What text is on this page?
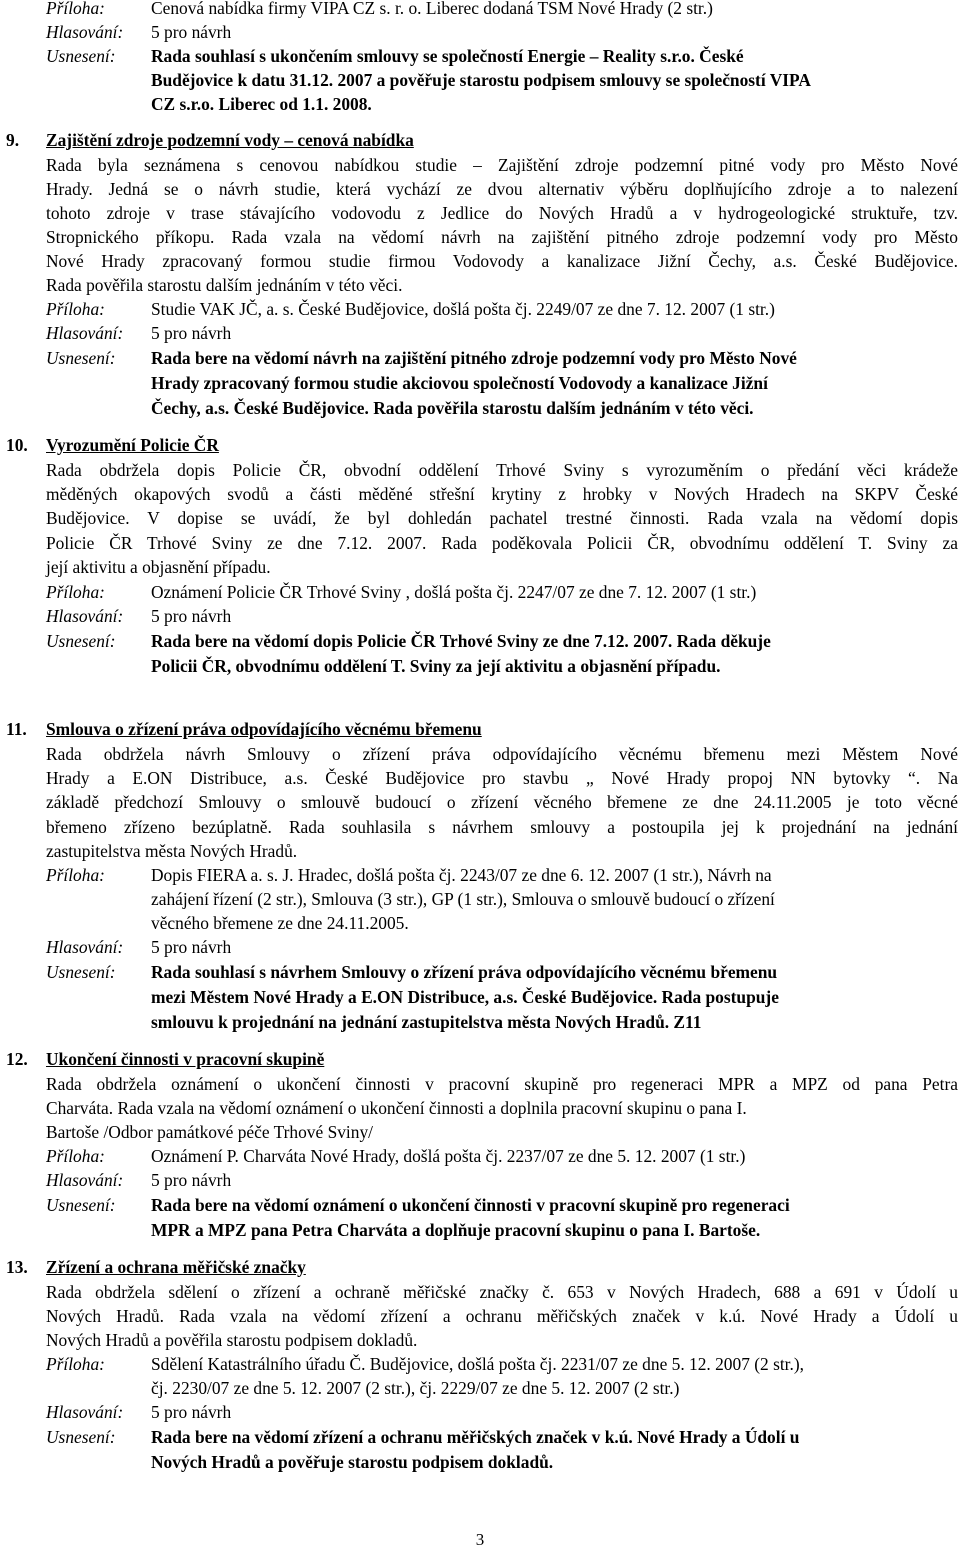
Příloha:	Cenová nabídka firmy VIPA CZ s. r. o. Liberec dodaná TSM Nové Hrady (2 str.)
Hlasování: 5 pro návrh
Usnesení: Rada souhlasí s ukončením smlouvy se společností Energie – Reality s.r.o. České
Budějovice k datu 31.12. 2007 a pověřuje starostu podpisem smlouvy se společností VIPA
CZ s.r.o. Liberec od 1.1. 2008.
9. Zajištění zdroje podzemní vody – cenová nabídka
Rada byla seznámena s cenovou nabídkou studie – Zajištění zdroje podzemní pitné vody pro Město Nové
Hrady. Jedná se o návrh studie, která vychází ze dvou alternativ výběru doplňujícího zdroje a to nalezení
tohoto zdroje v trase stávajícího vodovodu z Jedlice do Nových Hradů a v hydrogeologické struktuře, tzv.
Stropnického příkopu. Rada vzala na vědomí návrh na zajištění pitného zdroje podzemní vody pro Město
Nové Hrady zpracovaný formou studie firmou Vodovody a kanalizace Jižní Čechy, a.s. České Budějovice.
Rada pověřila starostu dalším jednáním v této věci.
Příloha:	Studie VAK JČ, a. s. České Budějovice, došlá pošta čj. 2249/07 ze dne 7. 12. 2007 (1 str.)
Hlasování: 5 pro návrh
Usnesení: Rada bere na vědomí návrh na zajištění pitného zdroje podzemní vody pro Město Nové
Hrady zpracovaný formou studie akciovou společností Vodovody a kanalizace Jižní
Čechy, a.s. České Budějovice. Rada pověřila starostu dalším jednáním v této věci.
10. Vyrozumění Policie ČR
Rada obdržela dopis Policie ČR, obvodní oddělení Trhové Sviny s vyrozuměním o předání věci krádeže
měděných okapových svodů a části měděné střešní krytiny z hrobky v Nových Hradech na SKPV České
Budějovice. V dopise se uvádí, že byl dohledán pachatel trestné činnosti. Rada vzala na vědomí dopis
Policie ČR Trhové Sviny ze dne 7.12. 2007. Rada poděkovala Policii ČR, obvodnímu oddělení T. Sviny za
její aktivitu a objasnění případu.
Příloha:	Oznámení Policie ČR Trhové Sviny , došlá pošta čj. 2247/07 ze dne 7. 12. 2007 (1 str.)
Hlasování: 5 pro návrh
Usnesení: Rada bere na vědomí dopis Policie ČR Trhové Sviny ze dne 7.12. 2007. Rada děkuje
Policii ČR, obvodnímu oddělení T. Sviny za její aktivitu a objasnění případu.
11. Smlouva o zřízení práva odpovídajícího věcnému břemenu
Rada obdržela návrh Smlouvy o zřízení práva odpovídajícího věcnému břemenu mezi Městem Nové
Hrady a E.ON Distribuce, a.s. České Budějovice pro stavbu „ Nové Hrady propoj NN bytovky “. Na
základě předchozí Smlouvy o smlouvě budoucí o zřízení věcného břemene ze dne 24.11.2005 je toto věcné
břemeno zřízeno bezúplatně. Rada souhlasila s návrhem smlouvy a postoupila jej k projednání na jednání
zastupitelstva města Nových Hradů.
Příloha:	Dopis FIERA a. s. J. Hradec, došlá pošta čj. 2243/07 ze dne 6. 12. 2007 (1 str.), Návrh na
zahájení řízení (2 str.), Smlouva (3 str.), GP (1 str.), Smlouva o smlouvě budoucí o zřízení
věcného břemene ze dne 24.11.2005.
Hlasování: 5 pro návrh
Usnesení: Rada souhlasí s návrhem Smlouvy o zřízení práva odpovídajícího věcnému břemenu
mezi Městem Nové Hrady a E.ON Distribuce, a.s. České Budějovice. Rada postupuje
smlouvu k projednání na jednání zastupitelstva města Nových Hradů. Z11
12. Ukončení činnosti v pracovní skupině
Rada obdržela oznámení o ukončení činnosti v pracovní skupině pro regeneraci MPR a MPZ od pana Petra
Charváta. Rada vzala na vědomí oznámení o ukončení činnosti a doplnila pracovní skupinu o pana I.
Bartoše /Odbor památkové péče Trhové Sviny/
Příloha:	Oznámení P. Charváta Nové Hrady, došlá pošta čj. 2237/07 ze dne 5. 12. 2007 (1 str.)
Hlasování: 5 pro návrh
Usnesení: Rada bere na vědomí oznámení o ukončení činnosti v pracovní skupině pro regeneraci
MPR a MPZ pana Petra Charváta a doplňuje pracovní skupinu o pana I. Bartoše.
13. Zřízení a ochrana měřičské značky
Rada obdržela sdělení o zřízení a ochraně měřičské značky č. 653 v Nových Hradech, 688 a 691 v Údolí u
Nových Hradů. Rada vzala na vědomí zřízení a ochranu měřičských značek v k.ú. Nové Hrady a Údolí u
Nových Hradů a pověřila starostu podpisem dokladů.
Příloha:	Sdělení Katastrálního úřadu Č. Budějovice, došlá pošta čj. 2231/07 ze dne 5. 12. 2007 (2 str.),
čj. 2230/07 ze dne 5. 12. 2007 (2 str.), čj. 2229/07 ze dne 5. 12. 2007 (2 str.)
Hlasování: 5 pro návrh
Usnesení: Rada bere na vědomí zřízení a ochranu měřičských značek v k.ú. Nové Hrady a Údolí u
Nových Hradů a pověřuje starostu podpisem dokladů.
3
